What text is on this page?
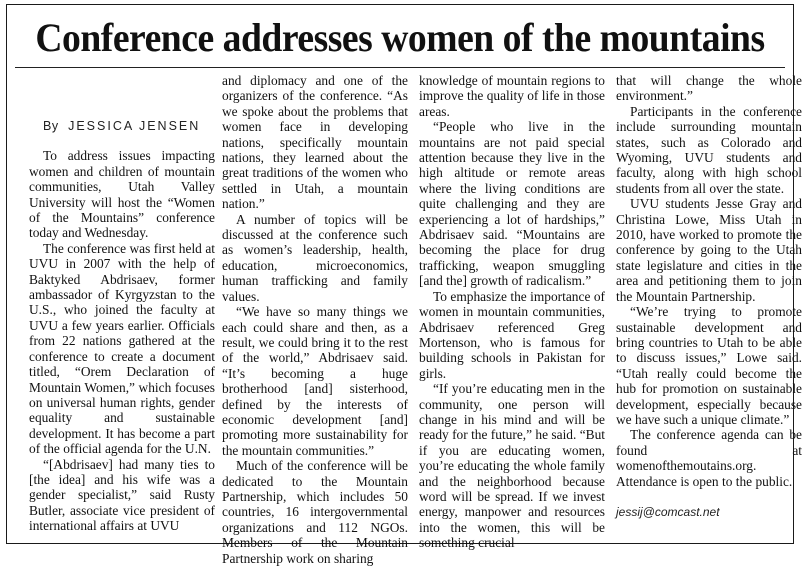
Conference addresses women of the mountains
By JESSICA JENSEN

To address issues impacting women and children of mountain communities, Utah Valley University will host the “Women of the Mountains” conference today and Wednesday.

The conference was first held at UVU in 2007 with the help of Baktyked Abdrisaev, former ambassador of Kyrgyzstan to the U.S., who joined the faculty at UVU a few years earlier. Officials from 22 nations gathered at the conference to create a document titled, “Orem Declaration of Mountain Women,” which focuses on universal human rights, gender equality and sustainable development. It has become a part of the official agenda for the U.N.

“[Abdrisaev] had many ties to [the idea] and his wife was a gender specialist,” said Rusty Butler, associate vice president of international affairs at UVU

and diplomacy and one of the organizers of the conference. “As we spoke about the problems that women face in developing nations, specifically mountain nations, they learned about the great traditions of the women who settled in Utah, a mountain nation.”

A number of topics will be discussed at the conference such as women’s leadership, health, education, microeconomics, human trafficking and family values.

“We have so many things we each could share and then, as a result, we could bring it to the rest of the world,” Abdrisaev said. “It’s becoming a huge brotherhood [and] sisterhood, defined by the interests of economic development [and] promoting more sustainability for the mountain communities.”

Much of the conference will be dedicated to the Mountain Partnership, which includes 50 countries, 16 intergovernmental organizations and 112 NGOs. Members of the Mountain Partnership work on sharing

knowledge of mountain regions to improve the quality of life in those areas.

“People who live in the mountains are not paid special attention because they live in the high altitude or remote areas where the living conditions are quite challenging and they are experiencing a lot of hardships,” Abdrisaev said. “Mountains are becoming the place for drug trafficking, weapon smuggling [and the] growth of radicalism.”

To emphasize the importance of women in mountain communities, Abdrisaev referenced Greg Mortenson, who is famous for building schools in Pakistan for girls.

“If you’re educating men in the community, one person will change in his mind and will be ready for the future,” he said. “But if you are educating women, you’re educating the whole family and the neighborhood because word will be spread. If we invest energy, manpower and resources into the women, this will be something crucial

that will change the whole environment.”

Participants in the conference include surrounding mountain states, such as Colorado and Wyoming, UVU students and faculty, along with high school students from all over the state.

UVU students Jesse Gray and Christina Lowe, Miss Utah in 2010, have worked to promote the conference by going to the Utah state legislature and cities in the area and petitioning them to join the Mountain Partnership.

“We’re trying to promote sustainable development and bring countries to Utah to be able to discuss issues,” Lowe said. “Utah really could become the hub for promotion on sustainable development, especially because we have such a unique climate.”

The conference agenda can be found at womenofthemoutains.org. Attendance is open to the public.

jessij@comcast.net
